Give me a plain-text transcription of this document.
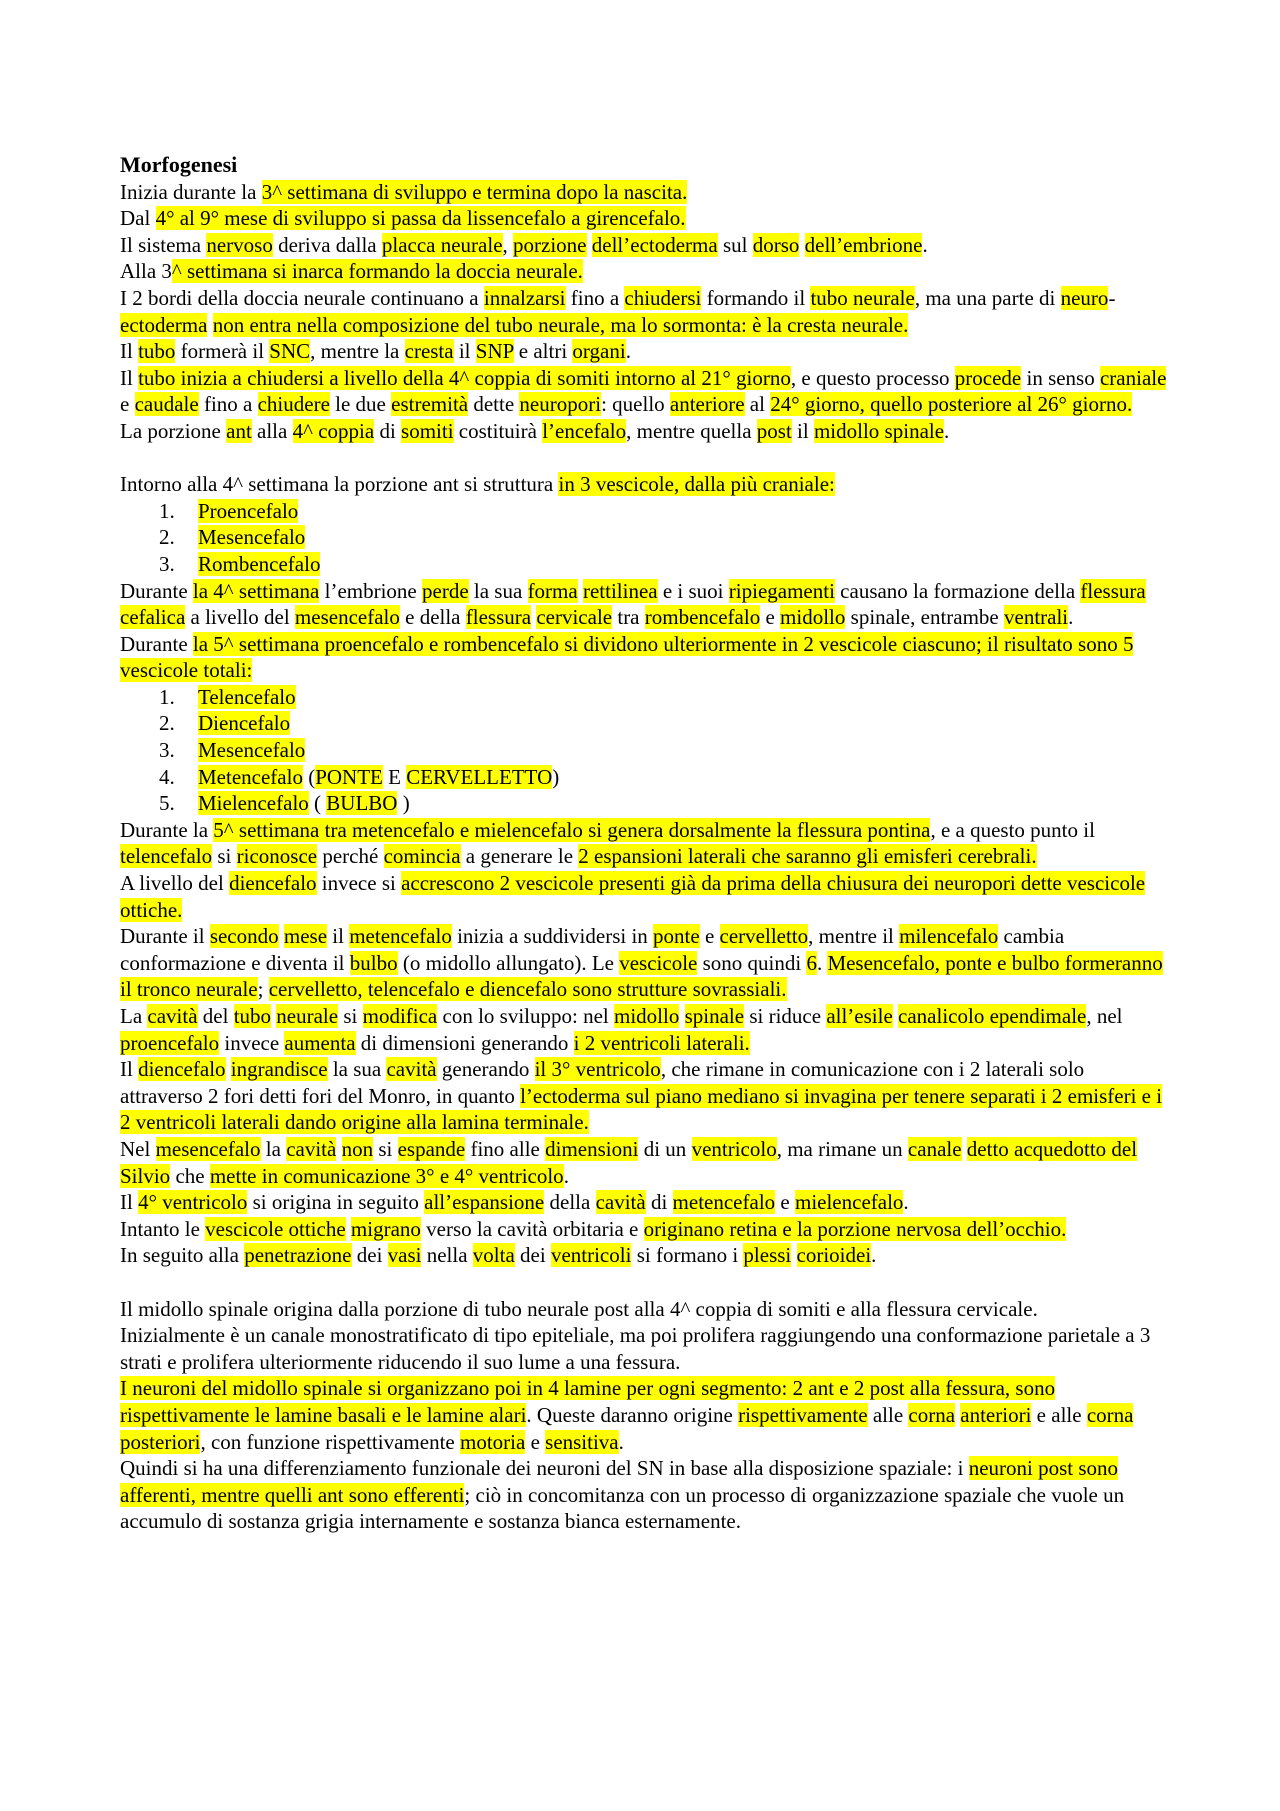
Morfogenesi

Inizia durante la 3^ settimana di sviluppo e termina dopo la nascita.

Dal 4° al 9° mese di sviluppo si passa da lissencefalo a girencefalo.

Il sistema nervoso deriva dalla placca neurale, porzione dell’ectoderma sul dorso dell’embrione.

Alla 3^ settimana si inarca formando la doccia neurale.

I 2 bordi della doccia neurale continuano a innalzarsi fino a chiudersi formando il tubo neurale, ma una parte di neuro-ectoderma non entra nella composizione del tubo neurale, ma lo sormonta: è la cresta neurale.

Il tubo formerà il SNC, mentre la cresta il SNP e altri organi.

Il tubo inizia a chiudersi a livello della 4^ coppia di somiti intorno al 21° giorno, e questo processo procede in senso craniale e caudale fino a chiudere le due estremità dette neuropori: quello anteriore al 24° giorno, quello posteriore al 26° giorno.

La porzione ant alla 4^ coppia di somiti costituirà l’encefalo, mentre quella post il midollo spinale.

Intorno alla 4^ settimana la porzione ant si struttura in 3 vescicole, dalla più craniale:

1. Proencefalo
2. Mesencefalo
3. Rombencefalo

Durante la 4^ settimana l’embrione perde la sua forma rettilinea e i suoi ripiegamenti causano la formazione della flessura cefalica a livello del mesencefalo e della flessura cervicale tra rombencefalo e midollo spinale, entrambe ventrali.

Durante la 5^ settimana proencefalo e rombencefalo si dividono ulteriormente in 2 vescicole ciascuno; il risultato sono 5 vescicole totali:

1. Telencefalo
2. Diencefalo
3. Mesencefalo
4. Metencefalo (PONTE E CERVELLETTO)
5. Mielencefalo ( BULBO )

Durante la 5^ settimana tra metencefalo e mielencefalo si genera dorsalmente la flessura pontina, e a questo punto il telencefalo si riconosce perché comincia a generare le 2 espansioni laterali che saranno gli emisferi cerebrali.

A livello del diencefalo invece si accrescono 2 vescicole presenti già da prima della chiusura dei neuropori dette vescicole ottiche.

Durante il secondo mese il metencefalo inizia a suddividersi in ponte e cervelletto, mentre il milencefalo cambia conformazione e diventa il bulbo (o midollo allungato). Le vescicole sono quindi 6. Mesencefalo, ponte e bulbo formeranno il tronco neurale; cervelletto, telencefalo e diencefalo sono strutture sovrassiali.

La cavità del tubo neurale si modifica con lo sviluppo: nel midollo spinale si riduce all’esile canalicolo ependimale, nel proencefalo invece aumenta di dimensioni generando i 2 ventricoli laterali.

Il diencefalo ingrandisce la sua cavità generando il 3° ventricolo, che rimane in comunicazione con i 2 laterali solo attraverso 2 fori detti fori del Monro, in quanto l’ectoderma sul piano mediano si invagina per tenere separati i 2 emisferi e i 2 ventricoli laterali dando origine alla lamina terminale.

Nel mesencefalo la cavità non si espande fino alle dimensioni di un ventricolo, ma rimane un canale detto acquedotto del Silvio che mette in comunicazione 3° e 4° ventricolo.

Il 4° ventricolo si origina in seguito all’espansione della cavità di metencefalo e mielencefalo.

Intanto le vescicole ottiche migrano verso la cavità orbitaria e originano retina e la porzione nervosa dell’occhio.

In seguito alla penetrazione dei vasi nella volta dei ventricoli si formano i plessi corioidei.

Il midollo spinale origina dalla porzione di tubo neurale post alla 4^ coppia di somiti e alla flessura cervicale.

Inizialmente è un canale monostratificato di tipo epiteliale, ma poi prolifera raggiungendo una conformazione parietale a 3 strati e prolifera ulteriormente riducendo il suo lume a una fessura.

I neuroni del midollo spinale si organizzano poi in 4 lamine per ogni segmento: 2 ant e 2 post alla fessura, sono rispettivamente le lamine basali e le lamine alari. Queste daranno origine rispettivamente alle corna anteriori e alle corna posteriori, con funzione rispettivamente motoria e sensitiva.

Quindi si ha una differenziamento funzionale dei neuroni del SN in base alla disposizione spaziale: i neuroni post sono afferenti, mentre quelli ant sono efferenti; ciò in concomitanza con un processo di organizzazione spaziale che vuole un accumulo di sostanza grigia internamente e sostanza bianca esternamente.
